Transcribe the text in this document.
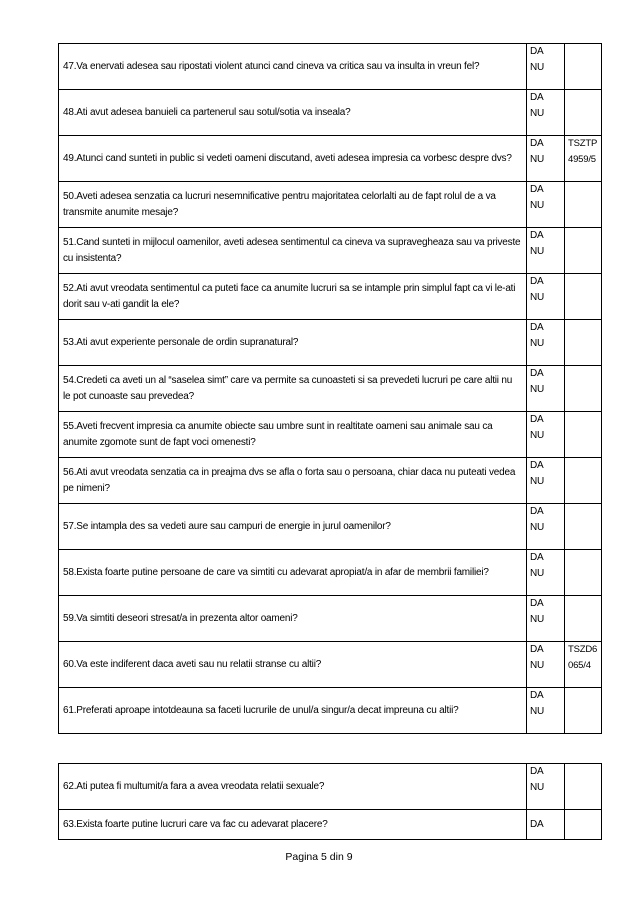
47.Va enervati adesea sau ripostati violent atunci cand cineva va critica sau va insulta in vreun fel?	DA
NU	

48.Ati avut adesea banuieli ca partenerul sau sotul/sotia va inseala?	DA
NU	

49.Atunci cand sunteti in public si vedeti oameni discutand, aveti adesea impresia ca vorbesc despre dvs?	DA
NU	TSZTP 4959/5
50.Aveti adesea senzatia ca lucruri nesemnificative pentru majoritatea celorlalti au de fapt rolul de a va transmite anumite mesaje?	DA
NU	

51.Cand sunteti in mijlocul oamenilor, aveti adesea sentimentul ca cineva va supravegheaza sau va priveste cu insistenta?	DA
NU	

52.Ati avut vreodata sentimentul ca puteti face ca anumite lucruri sa se intample prin simplul fapt ca vi le-ati dorit sau v-ati gandit la ele?	DA
NU	

53.Ati avut experiente personale de ordin supranatural?	DA
NU	

54.Credeti ca aveti un al “saselea simt” care va permite sa cunoasteti si sa prevedeti lucruri pe care altii nu le pot cunoaste sau prevedea?	DA
NU	

55.Aveti frecvent impresia ca anumite obiecte sau umbre sunt in realtitate oameni sau animale sau ca anumite zgomote sunt de fapt voci omenesti?	DA
NU	

56.Ati avut vreodata senzatia ca in preajma dvs se afla o forta sau o persoana, chiar daca nu puteati vedea pe nimeni?	DA
NU	

57.Se intampla des sa vedeti aure sau campuri de energie in jurul oamenilor?	DA
NU	

58.Exista foarte putine persoane de care va simtiti cu adevarat apropiat/a in afar de membrii familiei?	DA
NU	

59.Va simtiti deseori stresat/a in prezenta altor oameni?	DA
NU	

60.Va este indiferent daca aveti sau nu relatii stranse cu altii?	DA
NU	TSZD6 065/4
61.Preferati aproape intotdeauna sa faceti lucrurile de unul/a singur/a decat impreuna cu altii?	DA
NU	

62.Ati putea fi multumit/a fara a avea vreodata relatii sexuale?	DA
NU	

63.Exista foarte putine lucruri care va fac cu adevarat placere?	DA	

Pagina 5 din 9
